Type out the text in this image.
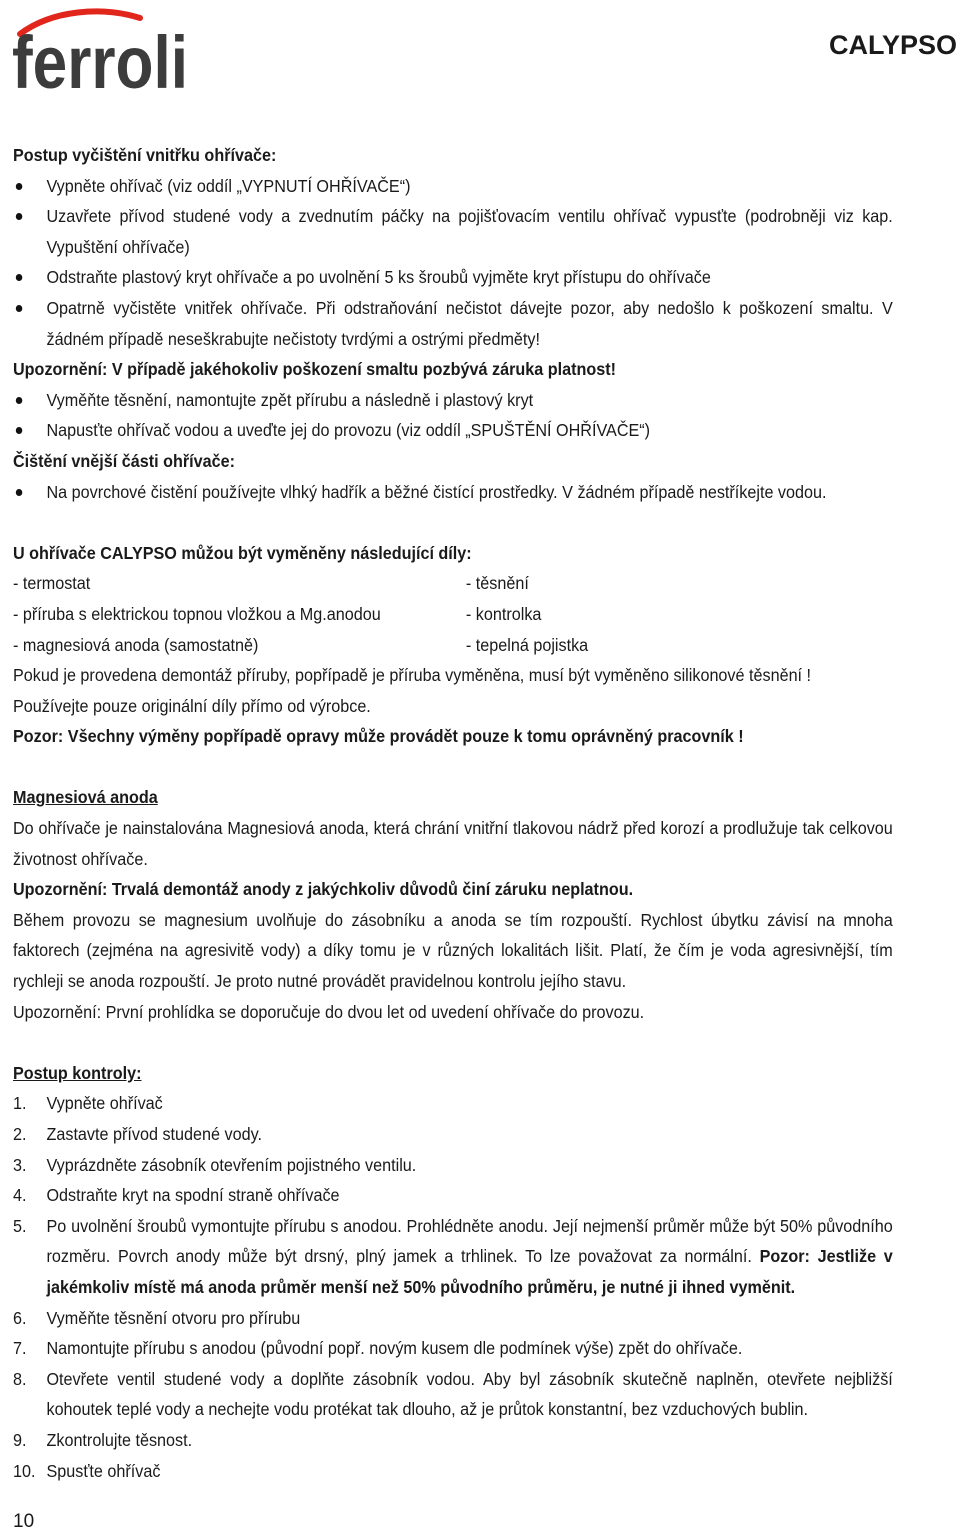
ferroli	CALYPSO
Postup vyčištění vnitřku ohřívače:
Vypněte ohřívač (viz oddíl „VYPNUTÍ OHŘÍVAČE“)
Uzavřete přívod studené vody a zvednutím páčky na pojišťovacím ventilu ohřívač vypusťte (podrobněji viz kap. Vypuštění ohřívače)
Odstraňte plastový kryt ohřívače a po uvolnění 5 ks šroubů vyjměte kryt přístupu do ohřívače
Opatrně vyčistěte vnitřek ohřívače. Při odstraňování nečistot dávejte pozor, aby nedošlo k poškození smaltu. V žádném případě neseškrabujte nečistoty tvrdými a ostrými předměty!
Upozornění: V případě jakéhokoliv poškození smaltu pozbývá záruka platnost!
Vyměňte těsnění, namontujte zpět přírubu a následně i plastový kryt
Napusťte ohřívač vodou a uveďte jej do provozu (viz oddíl „SPUŠTĚNÍ OHŘÍVAČE“)
Čištění vnější části ohřívače:
Na povrchové čistění používejte vlhký hadřík a běžné čistící prostředky. V žádném případě nestříkejte vodou.
U ohřívače CALYPSO můžou být vyměněny následující díly:
- termostat	- těsnění
- příruba s elektrickou topnou vložkou a Mg.anodou	- kontrolka
- magnesiová anoda (samostatně)	- tepelná pojistka
Pokud je provedena demontáž příruby, popřípadě je příruba vyměněna, musí být vyměněno silikonové těsnění !
Používejte pouze originální díly přímo od výrobce.
Pozor: Všechny výměny popřípadě opravy může provádět pouze k tomu oprávněný pracovník !
Magnesiová anoda
Do ohřívače je nainstalována Magnesiová anoda, která chrání vnitřní tlakovou nádrž před korozí a prodlužuje tak celkovou životnost ohřívače.
Upozornění: Trvalá demontáž anody z jakýchkoliv důvodů činí záruku neplatnou.
Během provozu se magnesium uvolňuje do zásobníku a anoda se tím rozpouští. Rychlost úbytku závisí na mnoha faktorech (zejména na agresivitě vody) a díky tomu je v různých lokalitách lišit. Platí, že čím je voda agresivnější, tím rychleji se anoda rozpouští. Je proto nutné provádět pravidelnou kontrolu jejího stavu.
Upozornění: První prohlídka se doporučuje do dvou let od uvedení ohřívače do provozu.
Postup kontroly:
1. Vypněte ohřívač
2. Zastavte přívod studené vody.
3. Vyprázdněte zásobník otevřením pojistného ventilu.
4. Odstraňte kryt na spodní straně ohřívače
5. Po uvolnění šroubů vymontujte přírubu s anodou. Prohlédněte anodu. Její nejmenší průměr může být 50% původního rozměru. Povrch anody může být drsný, plný jamek a trhlinek. To lze považovat za normální. Pozor: Jestliže v jakémkoliv místě má anoda průměr menší než 50% původního průměru, je nutné ji ihned vyměnit.
6. Vyměňte těsnění otvoru pro přírubu
7. Namontujte přírubu s anodou (původní popř. novým kusem dle podmínek výše) zpět do ohřívače.
8. Otevřete ventil studené vody a doplňte zásobník vodou. Aby byl zásobník skutečně naplněn, otevřete nejbližší kohoutek teplé vody a nechejte vodu protékat tak dlouho, až je průtok konstantní, bez vzduchových bublin.
9. Zkontrolujte těsnost.
10. Spusťte ohřívač
10
